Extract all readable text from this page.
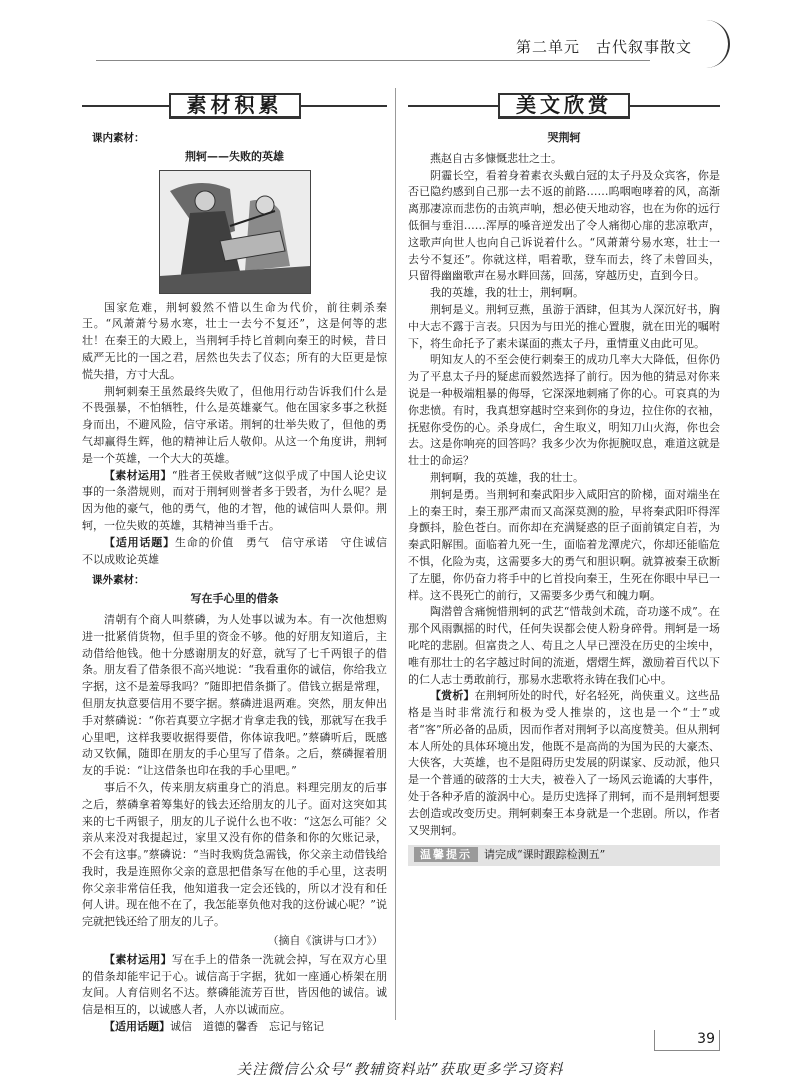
第二单元　古代叙事散文
素材积累
课内素材：
荆轲——失败的英雄

国家危难，荆轲毅然不惜以生命为代价，前往刺杀秦王。“风萧萧兮易水寒，壮士一去兮不复还”，这是何等的悲壮！在秦王的大殿上，当荆轲手持匕首刺向秦王的时候，昔日威严无比的一国之君，居然也失去了仪态；所有的大臣更是惊慌失措，方寸大乱。

荆轲刺秦王虽然最终失败了，但他用行动告诉我们什么是不畏强暴，不怕牺牲，什么是英雄豪气。他在国家多事之秋挺身而出，不避风险，信守承诺。荆轲的壮举失败了，但他的勇气却赢得生辉，他的精神让后人敬仰。从这一个角度讲，荆轲是一个英雄，一个大大的英雄。

【素材运用】“胜者王侯败者贼”这似乎成了中国人论史议事的一条潜规则，而对于荆轲则誉者多于毁者，为什么呢？是因为他的豪气，他的勇气，他的才智，他的诚信叫人景仰。荆轲，一位失败的英雄，其精神当垂千古。

【适用话题】生命的价值　勇气　信守承诺　守住诚信　不以成败论英雄

课外素材：
写在手心里的借条

清朝有个商人叫蔡磷，为人处事以诚为本。有一次他想购进一批紧俏货物，但手里的资金不够。他的好朋友知道后，主动借给他钱。他十分感谢朋友的好意，就写了七千两银子的借条。朋友看了借条很不高兴地说：“我看重你的诚信，你给我立字据，这不是羞辱我吗？”随即把借条撕了。借钱立据是常理，但朋友执意要信用不要字据。蔡磷进退两难。突然，朋友伸出手对蔡磷说：“你若真要立字据才肯拿走我的钱，那就写在我手心里吧，这样我要收据得要借，你体谅我吧。”蔡磷听后，既感动又钦佩，随即在朋友的手心里写了借条。之后，蔡磷握着朋友的手说：“让这借条也印在我的手心里吧。”

事后不久，传来朋友病重身亡的消息。料理完朋友的后事之后，蔡磷拿着筹集好的钱去还给朋友的儿子。面对这突如其来的七千两银子，朋友的儿子说什么也不收：“这怎么可能？父亲从来没对我提起过，家里又没有你的借条和你的欠账记录，不会有这事。”蔡磷说：“当时我购货急需钱，你父亲主动借钱给我时，我是连照你父亲的意思把借条写在他的手心里，这表明你父亲非常信任我，他知道我一定会还钱的，所以才没有和任何人讲。现在他不在了，我怎能辜负他对我的这份诚心呢？”说完就把钱还给了朋友的儿子。

（摘自《演讲与口才》）

【素材运用】写在手上的借条一洗就会掉，写在双方心里的借条却能牢记于心。诚信高于字据，犹如一座通心桥架在朋友间。人育信则名不达。蔡磷能流芳百世，皆因他的诚信。诚信是相互的，以诚感人者，人亦以诚而应。

【适用话题】诚信　道德的馨香　忘记与铭记

美文欣赏
哭荆轲

燕赵自古多慷慨悲壮之士。

阴霾长空，看着身着素衣头戴白冠的太子丹及众宾客，你是否已隐约感到自己那一去不返的前路……呜咽咆哮着的风，高渐离那凄凉而悲伤的击筑声响，想必使天地动容，也在为你的远行低徊与垂泪……浑厚的嗓音逆发出了令人痛彻心扉的悲凉歌声，这歌声向世人也向自己诉说着什么。“风萧萧兮易水寒，壮士一去兮不复还”。你就这样，唱着歌，登车而去，终了未曾回头，只留得幽幽歌声在易水畔回荡，回荡，穿越历史，直到今日。

我的英雄，我的壮士，荆轲啊。

荆轲是义。荆轲豆燕，虽游于酒肆，但其为人深沉好书，胸中大志不露于言表。只因为与田光的推心置腹，就在田光的嘱咐下，将生命托予了素未谋面的燕太子丹，重情重义由此可见。

明知友人的不至会使行刺秦王的成功几率大大降低，但你仍为了平息太子丹的疑虑而毅然选择了前行。因为他的猜忌对你来说是一种极端粗暴的侮辱，它深深地刺痛了你的心。可哀真的为你悲愤。有时，我真想穿越时空来到你的身边，拉住你的衣袖，抚慰你受伤的心。杀身成仁，舍生取义，明知刀山火海，你也会去。这是你响亮的回答吗？我多少次为你扼腕叹息，难道这就是壮士的命运？

荆轲啊，我的英雄，我的壮士。

荆轲是勇。当荆轲和秦武阳步入咸阳宫的阶梯，面对端坐在上的秦王时，秦王那严肃而又高深莫测的脸，早将秦武阳吓得浑身颤抖，脸色苍白。而你却在充满疑惑的臣子面前镇定自若，为秦武阳解围。面临着九死一生，面临着龙潭虎穴，你却还能临危不惧，化险为夷，这需要多大的勇气和胆识啊。就算被秦王砍断了左腿，你仍奋力将手中的匕首投向秦王，生死在你眼中早已一样。这不畏死亡的前行，又需要多少勇气和魄力啊。

陶潜曾含痛惋惜荆轲的武艺“惜哉剑术疏，奇功遂不成”。在那个风雨飘摇的时代，任何失误都会使人粉身碎骨。荆轲是一场叱咤的悲剧。但富贵之人、苟且之人早已湮没在历史的尘埃中，唯有那壮士的名字越过时间的流逝，熠熠生辉，激励着百代以下的仁人志士勇敢前行，那易水悲歌将永铸在我们心中。

【赏析】在荆轲所处的时代，好名轻死，尚侠重义。这些品格是当时非常流行和极为受人推崇的，这也是一个“士”或者“客”所必备的品质，因而作者对荆轲予以高度赞美。但从荆轲本人所处的具体环境出发，他既不是高尚的为国为民的大豪杰、大侠客，大英雄，也不是阻碍历史发展的阴谋家、反动派，他只是一个普通的破落的士大夫，被卷入了一场风云诡谲的大事件，处于各种矛盾的漩涡中心。是历史选择了荆轲，而不是荆轲想要去创造或改变历史。荆轲刺秦王本身就是一个悲剧。所以，作者又哭荆轲。

温馨提示 请完成“课时跟踪检测五”
39
关注微信公众号“教辅资料站”获取更多学习资料
